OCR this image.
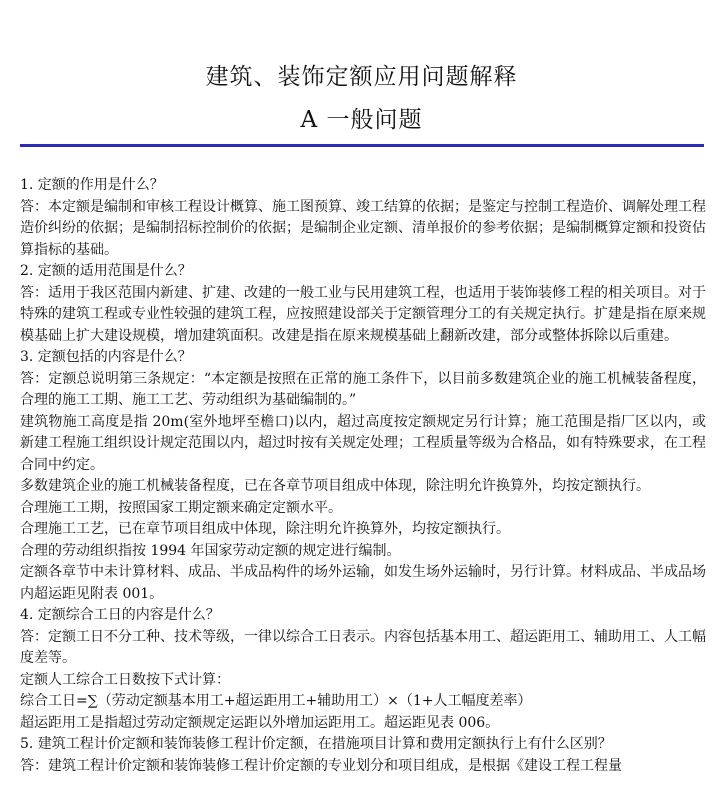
建筑、装饰定额应用问题解释
A 一般问题

1. 定额的作用是什么？

答：本定额是编制和审核工程设计概算、施工图预算、竣工结算的依据；是鉴定与控制工程造价、调解处理工程造价纠纷的依据；是编制招标控制价的依据；是编制企业定额、清单报价的参考依据；是编制概算定额和投资估算指标的基础。

2. 定额的适用范围是什么？

答：适用于我区范围内新建、扩建、改建的一般工业与民用建筑工程，也适用于装饰装修工程的相关项目。对于特殊的建筑工程或专业性较强的建筑工程，应按照建设部关于定额管理分工的有关规定执行。扩建是指在原来规模基础上扩大建设规模，增加建筑面积。改建是指在原来规模基础上翻新改建，部分或整体拆除以后重建。

3. 定额包括的内容是什么？

答：定额总说明第三条规定：“本定额是按照在正常的施工条件下，以目前多数建筑企业的施工机械装备程度，合理的施工工期、施工工艺、劳动组织为基础编制的。”

建筑物施工高度是指 20m(室外地坪至檐口)以内，超过高度按定额规定另行计算；施工范围是指厂区以内，或新建工程施工组织设计规定范围以内，超过时按有关规定处理；工程质量等级为合格品，如有特殊要求，在工程合同中约定。

多数建筑企业的施工机械装备程度，已在各章节项目组成中体现，除注明允许换算外，均按定额执行。

合理施工工期，按照国家工期定额来确定定额水平。

合理施工工艺，已在章节项目组成中体现，除注明允许换算外，均按定额执行。

合理的劳动组织指按 1994 年国家劳动定额的规定进行编制。

定额各章节中未计算材料、成品、半成品构件的场外运输，如发生场外运输时，另行计算。材料成品、半成品场内超运距见附表 001。

4. 定额综合工日的内容是什么？

答：定额工日不分工种、技术等级，一律以综合工日表示。内容包括基本用工、超运距用工、辅助用工、人工幅度差等。

定额人工综合工日数按下式计算：

综合工日=∑（劳动定额基本用工+超运距用工+辅助用工）×（1+人工幅度差率）

超运距用工是指超过劳动定额规定运距以外增加运距用工。超运距见表 006。

5. 建筑工程计价定额和装饰装修工程计价定额，在措施项目计算和费用定额执行上有什么区别？

答：建筑工程计价定额和装饰装修工程计价定额的专业划分和项目组成，是根据《建设工程工程量
